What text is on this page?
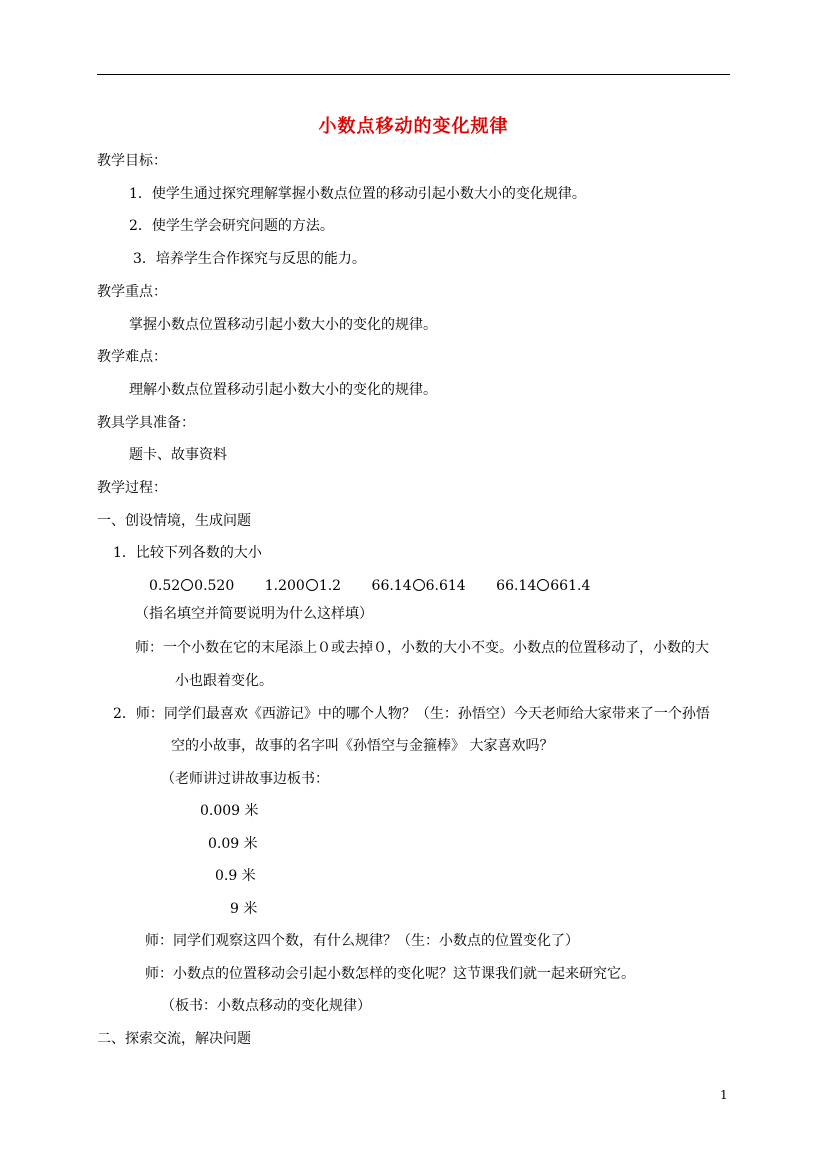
小数点移动的变化规律
教学目标：
1．使学生通过探究理解掌握小数点位置的移动引起小数大小的变化规律。
2．使学生学会研究问题的方法。
3．培养学生合作探究与反思的能力。
教学重点：
掌握小数点位置移动引起小数大小的变化的规律。
教学难点：
理解小数点位置移动引起小数大小的变化的规律。
教具学具准备：
题卡、故事资料
教学过程：
一、创设情境，生成问题
1．比较下列各数的大小
0.52 0.520 1.200 1.2 66.14 6.614 66.14 661.4
（指名填空并简要说明为什么这样填）
师：一个小数在它的末尾添上０或去掉０，小数的大小不变。小数点的位置移动了，小数的大
小也跟着变化。
2．师：同学们最喜欢《西游记》中的哪个人物？（生：孙悟空）今天老师给大家带来了一个孙悟
空的小故事，故事的名字叫《孙悟空与金箍棒》 大家喜欢吗？
（老师讲过讲故事边板书：
0.009 米
0.09 米
0.9 米
9 米
师：同学们观察这四个数，有什么规律？（生：小数点的位置变化了）
师：小数点的位置移动会引起小数怎样的变化呢？这节课我们就一起来研究它。
（板书：小数点移动的变化规律）
二、探索交流，解决问题
1
